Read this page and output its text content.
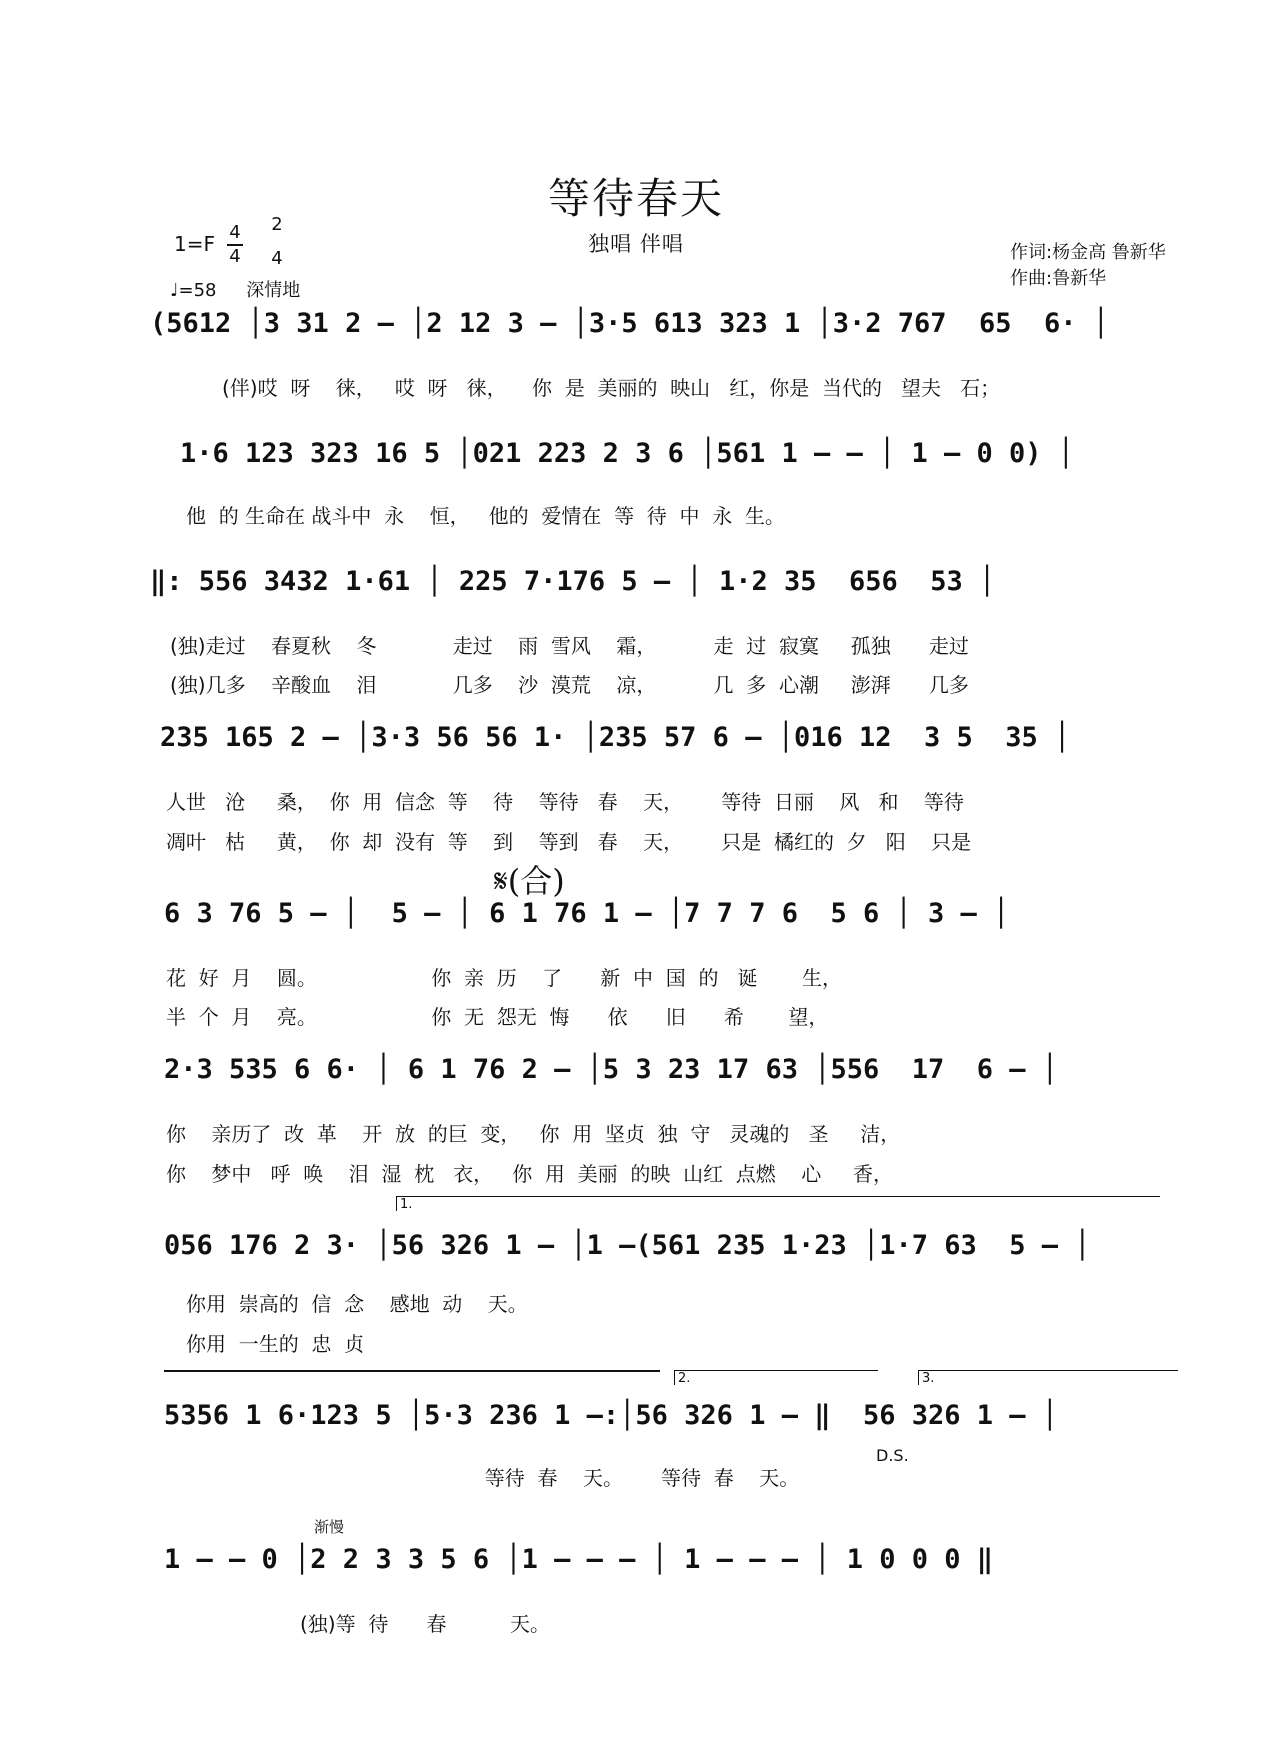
等待春天
独唱 伴唱	作词:杨金高 鲁新华
作曲:鲁新华
1=F 4
4
2
4
♩=58 深情地
(5612 │3 31 2 — │2 12 3 — │3·5 613 323 1 │3·2 767  65  6· │
(伴)哎  呀    徕，   哎  呀   徕，    你  是  美丽的  映山   红，你是  当代的   望夫   石；
1·6 123 323 16 5 │021 223 2 3 6 │561 1 — — │ 1 — 0 0) │
他  的 生命在 战斗中  永    恒，   他的  爱情在  等  待  中  永  生。
‖: 556 3432 1·61 │ 225 7·176 5 — │ 1·2 35  656  53 │
(独)走过    春夏秋    冬            走过    雨  雪风    霜，         走  过  寂寞     孤独      走过
(独)几多    辛酸血    泪            几多    沙  漠荒    凉，         几  多  心潮     澎湃      几多
235 165 2 — │3·3 56 56 1· │235 57 6 — │016 12  3 5  35 │
人世   沧     桑，  你  用  信念  等    待    等待   春    天，      等待  日丽    风   和    等待
凋叶   枯     黄，  你  却  没有  等    到    等到   春    天，      只是  橘红的  夕   阳    只是
𝄋(合)
6 3 76 5 — │  5 — │ 6 1 76 1 — │7 7 7 6  5 6 │ 3 — │
花  好  月    圆。                  你  亲  历    了      新  中  国  的   诞       生，
半  个  月    亮。                  你  无  怨无  悔      依      旧      希       望，
2·3 535 6 6· │ 6 1 76 2 — │5 3 23 17 63 │556  17  6 — │
你    亲历了  改  革    开  放  的巨  变，   你  用  坚贞  独  守   灵魂的   圣     洁，
你    梦中   呼  唤    泪  湿  枕   衣，   你  用  美丽  的映  山红  点燃    心     香，
1.
056 176 2 3· │56 326 1 — │1 —(561 235 1·23 │1·7 63  5 — │
你用  崇高的  信  念    感地  动    天。
你用  一生的  忠  贞
2.	3.
5356 1 6·123 5 │5·3 236 1 —:│56 326 1 — ‖  56 326 1 — │
D.S.
等待  春    天。      等待  春    天。
渐慢
1 — — 0 │2 2 3 3 5 6 │1 — — — │ 1 — — — │ 1 0 0 0 ‖
(独)等  待      春          天。
